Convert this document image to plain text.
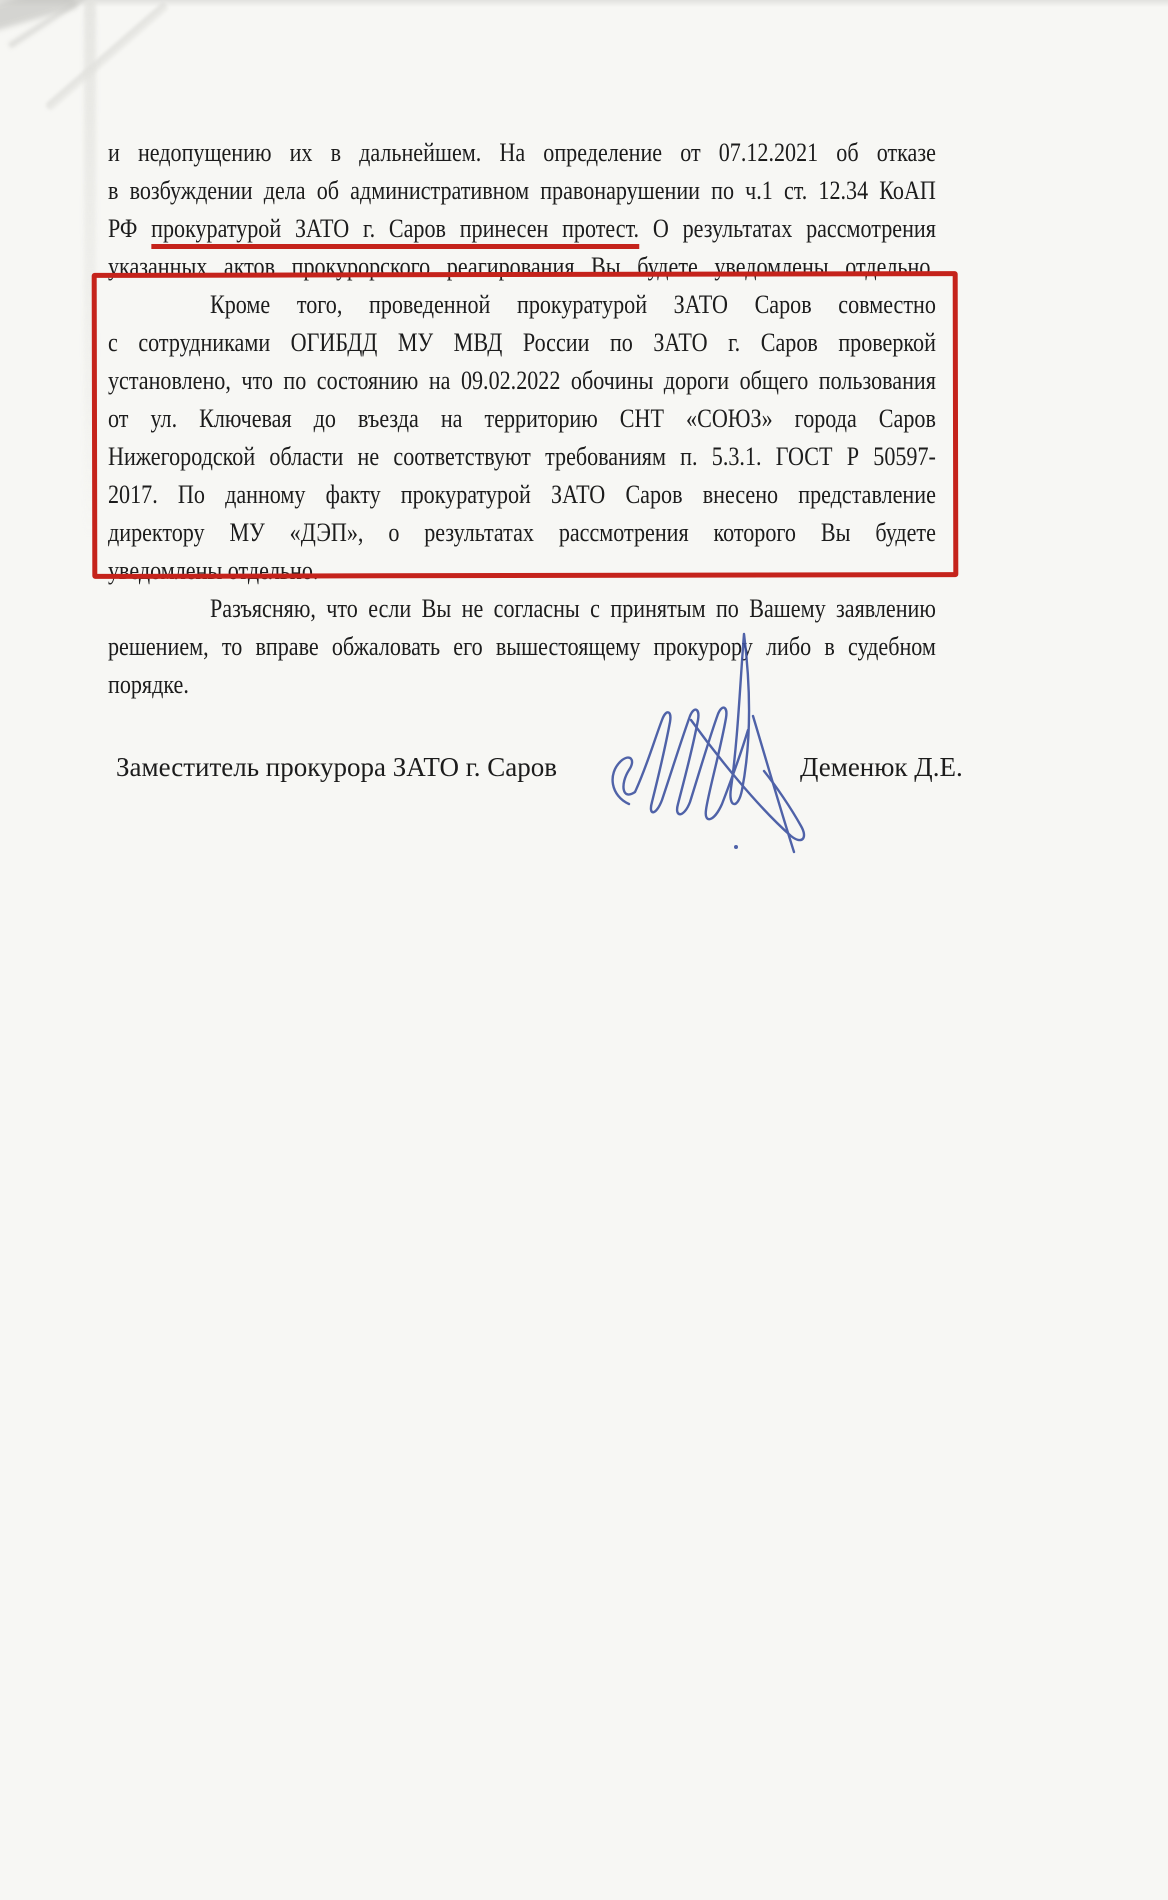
и недопущению их в дальнейшем. На определение от 07.12.2021 об отказе
в возбуждении дела об административном правонарушении по ч.1 ст. 12.34 КоАП
РФ прокуратурой ЗАТО г. Саров принесен протест. О результатах рассмотрения
указанных актов прокурорского реагирования Вы будете уведомлены отдельно.
Кроме того, проведенной прокуратурой ЗАТО Саров совместно
с сотрудниками ОГИБДД МУ МВД России по ЗАТО г. Саров проверкой
установлено, что по состоянию на 09.02.2022 обочины дороги общего пользования
от ул. Ключевая до въезда на территорию СНТ «СОЮЗ» города Саров
Нижегородской области не соответствуют требованиям п. 5.3.1. ГОСТ Р 50597-
2017. По данному факту прокуратурой ЗАТО Саров внесено представление
директору МУ «ДЭП», о результатах рассмотрения которого Вы будете
уведомлены отдельно.
Разъясняю, что если Вы не согласны с принятым по Вашему заявлению
решением, то вправе обжаловать его вышестоящему прокурору либо в судебном
порядке.
Заместитель прокурора ЗАТО г. Саров	Деменюк Д.Е.
